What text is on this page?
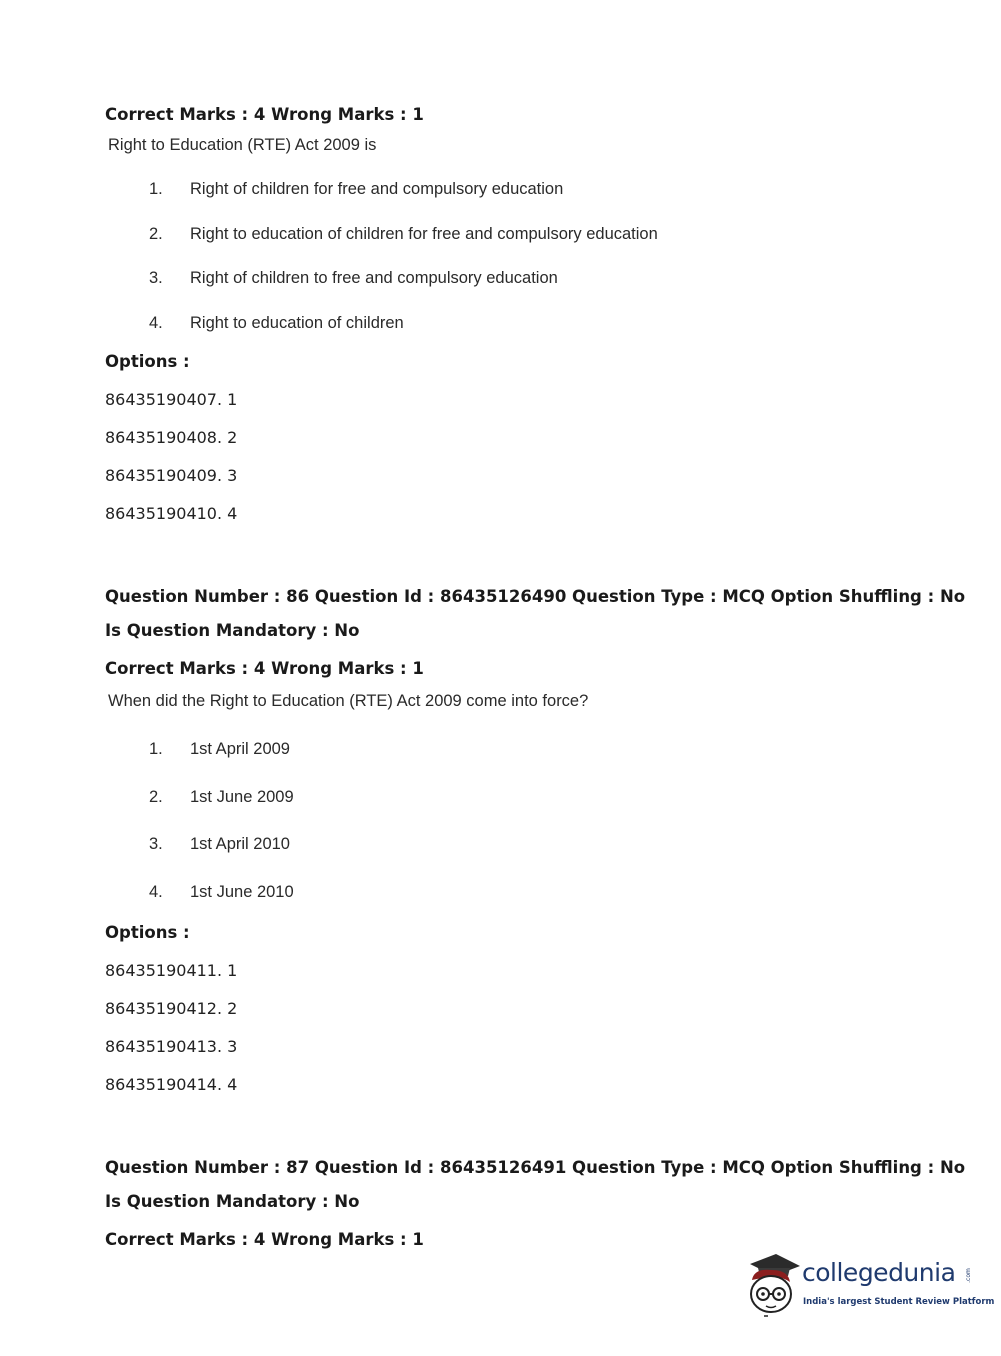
Correct Marks : 4 Wrong Marks : 1
Right to Education (RTE) Act 2009 is
1. Right of children for free and compulsory education
2. Right to education of children for free and compulsory education
3. Right of children to free and compulsory education
4. Right to education of children
Options :
86435190407. 1
86435190408. 2
86435190409. 3
86435190410. 4
Question Number : 86 Question Id : 86435126490 Question Type : MCQ Option Shuffling : No
Is Question Mandatory : No
Correct Marks : 4 Wrong Marks : 1
When did the Right to Education (RTE) Act 2009 come into force?
1. 1st April 2009
2. 1st June 2009
3. 1st April 2010
4. 1st June 2010
Options :
86435190411. 1
86435190412. 2
86435190413. 3
86435190414. 4
Question Number : 87 Question Id : 86435126491 Question Type : MCQ Option Shuffling : No
Is Question Mandatory : No
Correct Marks : 4 Wrong Marks : 1
collegedunia .com
India's largest Student Review Platform
